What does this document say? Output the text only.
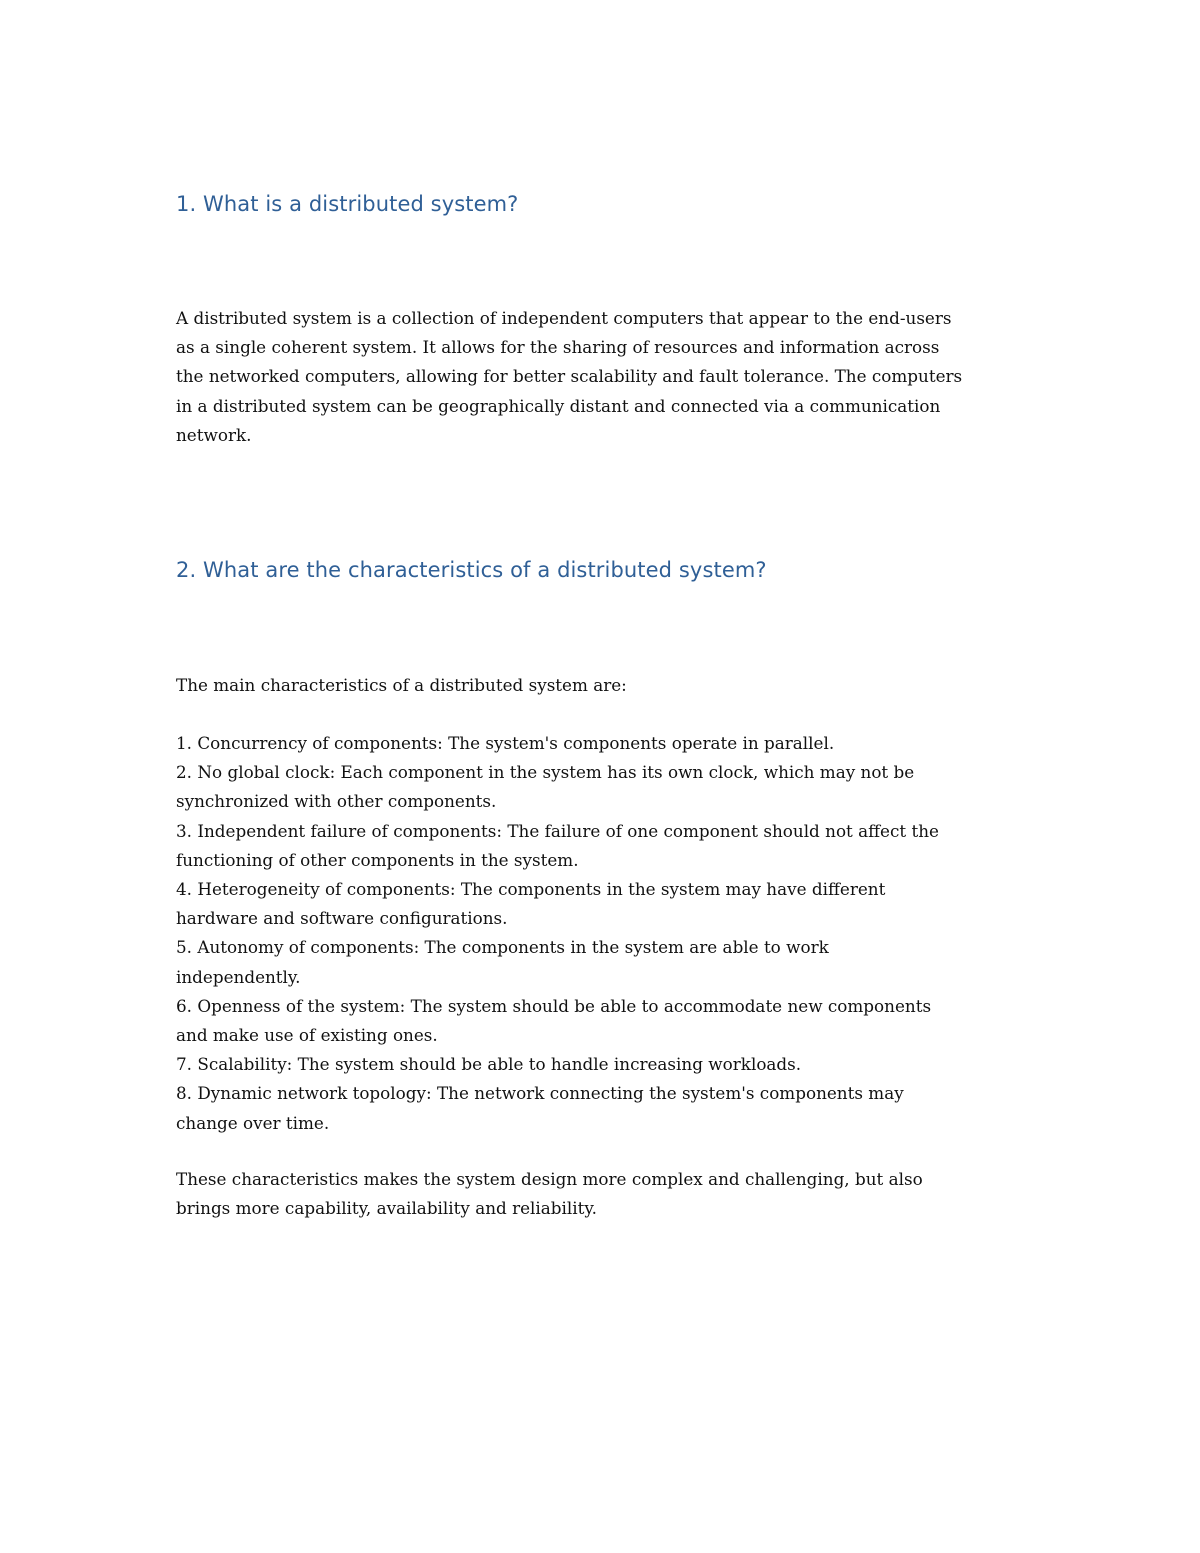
1. What is a distributed system?

A distributed system is a collection of independent computers that appear to the end-users
as a single coherent system. It allows for the sharing of resources and information across
the networked computers, allowing for better scalability and fault tolerance. The computers
in a distributed system can be geographically distant and connected via a communication
network.

2. What are the characteristics of a distributed system?

The main characteristics of a distributed system are:

1. Concurrency of components: The system's components operate in parallel.
2. No global clock: Each component in the system has its own clock, which may not be
synchronized with other components.
3. Independent failure of components: The failure of one component should not affect the
functioning of other components in the system.
4. Heterogeneity of components: The components in the system may have different
hardware and software configurations.
5. Autonomy of components: The components in the system are able to work
independently.
6. Openness of the system: The system should be able to accommodate new components
and make use of existing ones.
7. Scalability: The system should be able to handle increasing workloads.
8. Dynamic network topology: The network connecting the system's components may
change over time.

These characteristics makes the system design more complex and challenging, but also
brings more capability, availability and reliability.
